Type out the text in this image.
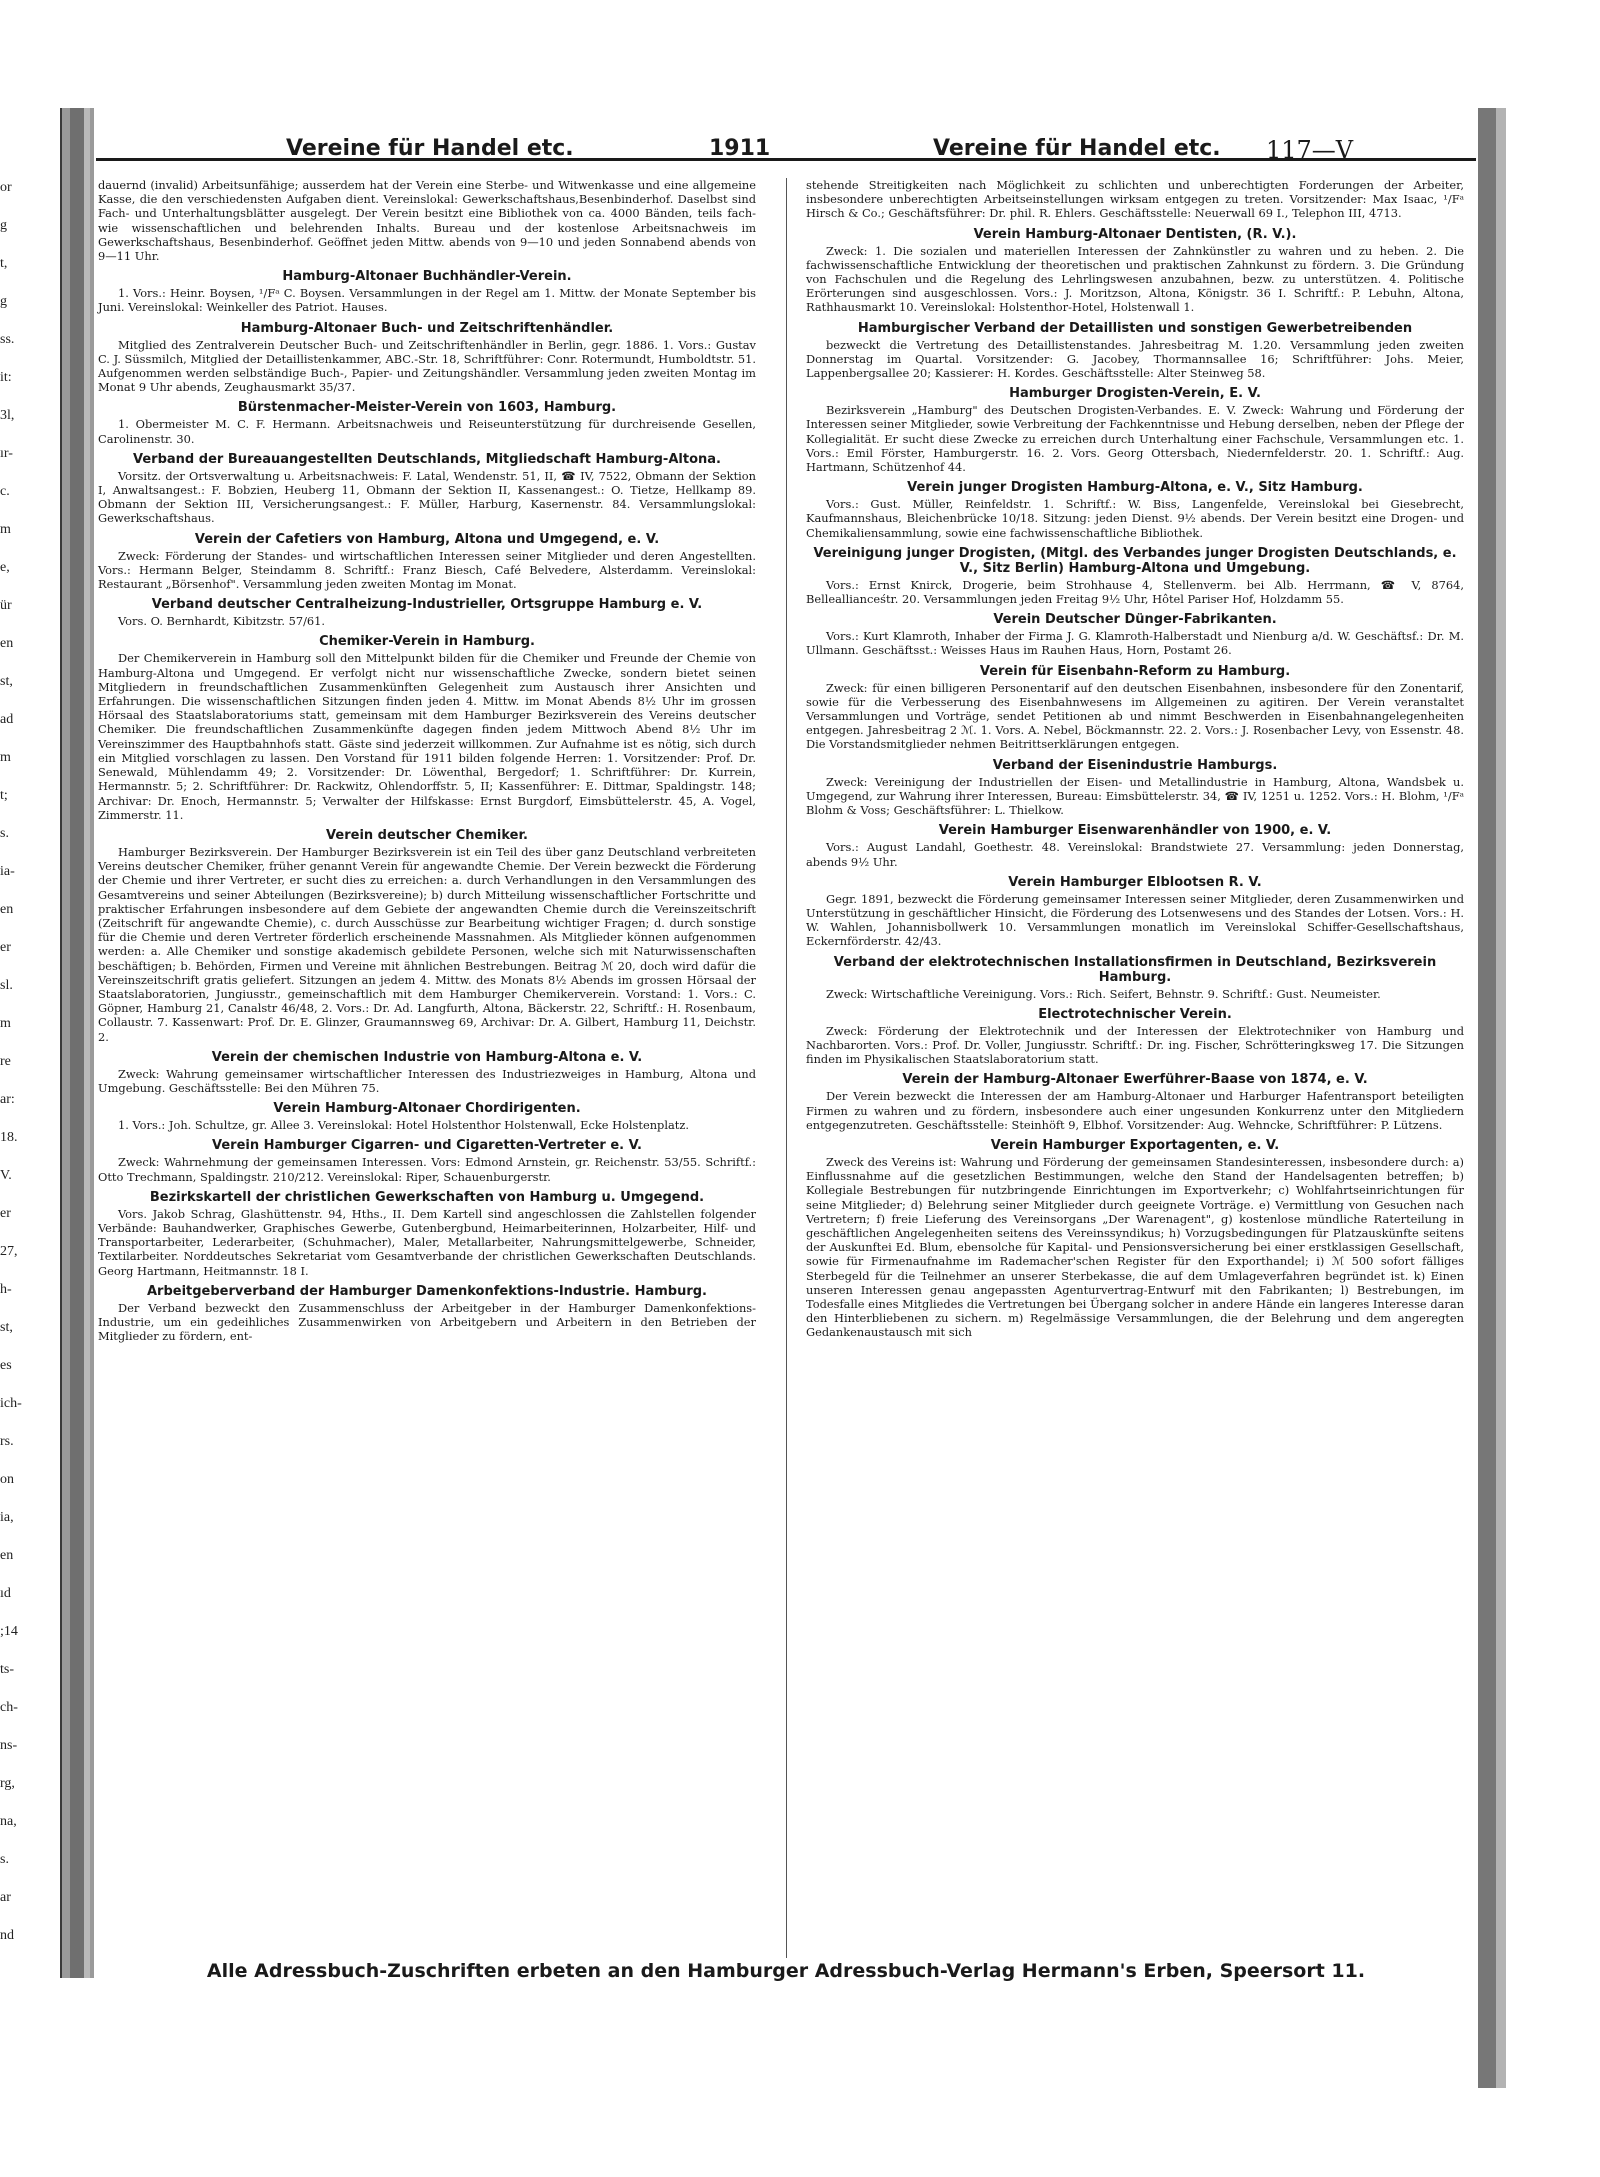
or
g
t,
g
ss.
it:
3l,
ır-
c.
m
e,
ür
en
st,
ad
m
t;
s.
ia-
en
er
sl.
m
re
ar:
18.
V.
er
27,
h-
st,
es
ich-
rs.
on
ia,
en
ıd
;14
ts-
ch-
ns-
rg,
na,
s.
ar
nd
Vereine für Handel etc.	1911	Vereine für Handel etc. 117—V

dauernd (invalid) Arbeitsunfähige; ausserdem hat der Verein eine Sterbe- und Witwenkasse und eine allgemeine Kasse, die den verschiedensten Aufgaben dient. Vereinslokal: Gewerkschaftshaus,Besenbinderhof. Daselbst sind Fach- und Unterhaltungsblätter ausgelegt. Der Verein besitzt eine Bibliothek von ca. 4000 Bänden, teils fach- wie wissenschaftlichen und belehrenden Inhalts. Bureau und der kostenlose Arbeitsnachweis im Gewerkschaftshaus, Besenbinderhof. Geöffnet jeden Mittw. abends von 9—10 und jeden Sonnabend abends von 9—11 Uhr.

Hamburg-Altonaer Buchhändler-Verein.

1. Vors.: Heinr. Boysen, ¹/Fᵃ C. Boysen. Versammlungen in der Regel am 1. Mittw. der Monate September bis Juni. Vereinslokal: Weinkeller des Patriot. Hauses.

Hamburg-Altonaer Buch- und Zeitschriftenhändler.

Mitglied des Zentralverein Deutscher Buch- und Zeitschriftenhändler in Berlin, gegr. 1886. 1. Vors.: Gustav C. J. Süssmilch, Mitglied der Detaillistenkammer, ABC.-Str. 18, Schriftführer: Conr. Rotermundt, Humboldtstr. 51. Aufgenommen werden selbständige Buch-, Papier- und Zeitungshändler. Versammlung jeden zweiten Montag im Monat 9 Uhr abends, Zeughausmarkt 35/37.

Bürstenmacher-Meister-Verein von 1603, Hamburg.

1. Obermeister M. C. F. Hermann. Arbeitsnachweis und Reiseunterstützung für durchreisende Gesellen, Carolinenstr. 30.

Verband der Bureauangestellten Deutschlands, Mitgliedschaft Hamburg-Altona.

Vorsitz. der Ortsverwaltung u. Arbeitsnachweis: F. Latal, Wendenstr. 51, II, ☎ IV, 7522, Obmann der Sektion I, Anwaltsangest.: F. Bobzien, Heuberg 11, Obmann der Sektion II, Kassenangest.: O. Tietze, Hellkamp 89. Obmann der Sektion III, Versicherungsangest.: F. Müller, Harburg, Kasernenstr. 84. Versammlungslokal: Gewerkschaftshaus.

Verein der Cafetiers von Hamburg, Altona und Umgegend, e. V.

Zweck: Förderung der Standes- und wirtschaftlichen Interessen seiner Mitglieder und deren Angestellten. Vors.: Hermann Belger, Steindamm 8. Schriftf.: Franz Biesch, Café Belvedere, Alsterdamm. Vereinslokal: Restaurant „Börsenhof". Versammlung jeden zweiten Montag im Monat.

Verband deutscher Centralheizung-Industrieller, Ortsgruppe Hamburg e. V.

Vors. O. Bernhardt, Kibitzstr. 57/61.

Chemiker-Verein in Hamburg.

Der Chemikerverein in Hamburg soll den Mittelpunkt bilden für die Chemiker und Freunde der Chemie von Hamburg-Altona und Umgegend. Er verfolgt nicht nur wissenschaftliche Zwecke, sondern bietet seinen Mitgliedern in freundschaftlichen Zusammenkünften Gelegenheit zum Austausch ihrer Ansichten und Erfahrungen. Die wissenschaftlichen Sitzungen finden jeden 4. Mittw. im Monat Abends 8½ Uhr im grossen Hörsaal des Staatslaboratoriums statt, gemeinsam mit dem Hamburger Bezirksverein des Vereins deutscher Chemiker. Die freundschaftlichen Zusammenkünfte dagegen finden jedem Mittwoch Abend 8½ Uhr im Vereinszimmer des Hauptbahnhofs statt. Gäste sind jederzeit willkommen. Zur Aufnahme ist es nötig, sich durch ein Mitglied vorschlagen zu lassen. Den Vorstand für 1911 bilden folgende Herren: 1. Vorsitzender: Prof. Dr. Senewald, Mühlendamm 49; 2. Vorsitzender: Dr. Löwenthal, Bergedorf; 1. Schriftführer: Dr. Kurrein, Hermannstr. 5; 2. Schriftführer: Dr. Rackwitz, Ohlendorffstr. 5, II; Kassenführer: E. Dittmar, Spaldingstr. 148; Archivar: Dr. Enoch, Hermannstr. 5; Verwalter der Hilfskasse: Ernst Burgdorf, Eimsbüttelerstr. 45, A. Vogel, Zimmerstr. 11.

Verein deutscher Chemiker.

Hamburger Bezirksverein. Der Hamburger Bezirksverein ist ein Teil des über ganz Deutschland verbreiteten Vereins deutscher Chemiker, früher genannt Verein für angewandte Chemie. Der Verein bezweckt die Förderung der Chemie und ihrer Vertreter, er sucht dies zu erreichen: a. durch Verhandlungen in den Versammlungen des Gesamtvereins und seiner Abteilungen (Bezirksvereine); b) durch Mitteilung wissenschaftlicher Fortschritte und praktischer Erfahrungen insbesondere auf dem Gebiete der angewandten Chemie durch die Vereinszeitschrift (Zeitschrift für angewandte Chemie), c. durch Ausschüsse zur Bearbeitung wichtiger Fragen; d. durch sonstige für die Chemie und deren Vertreter förderlich erscheinende Massnahmen. Als Mitglieder können aufgenommen werden: a. Alle Chemiker und sonstige akademisch gebildete Personen, welche sich mit Naturwissenschaften beschäftigen; b. Behörden, Firmen und Vereine mit ähnlichen Bestrebungen. Beitrag ℳ 20, doch wird dafür die Vereinszeitschrift gratis geliefert. Sitzungen an jedem 4. Mittw. des Monats 8½ Abends im grossen Hörsaal der Staatslaboratorien, Jungiusstr., gemeinschaftlich mit dem Hamburger Chemikerverein. Vorstand: 1. Vors.: C. Göpner, Hamburg 21, Canalstr 46/48, 2. Vors.: Dr. Ad. Langfurth, Altona, Bäckerstr. 22, Schriftf.: H. Rosenbaum, Collaustr. 7. Kassenwart: Prof. Dr. E. Glinzer, Graumannsweg 69, Archivar: Dr. A. Gilbert, Hamburg 11, Deichstr. 2.

Verein der chemischen Industrie von Hamburg-Altona e. V.

Zweck: Wahrung gemeinsamer wirtschaftlicher Interessen des Industriezweiges in Hamburg, Altona und Umgebung. Geschäftsstelle: Bei den Mühren 75.

Verein Hamburg-Altonaer Chordirigenten.

1. Vors.: Joh. Schultze, gr. Allee 3. Vereinslokal: Hotel Holstenthor Holstenwall, Ecke Holstenplatz.

Verein Hamburger Cigarren- und Cigaretten-Vertreter e. V.

Zweck: Wahrnehmung der gemeinsamen Interessen. Vors: Edmond Arnstein, gr. Reichenstr. 53/55. Schriftf.: Otto Trechmann, Spaldingstr. 210/212. Vereinslokal: Riper, Schauenburgerstr.

Bezirkskartell der christlichen Gewerkschaften von Hamburg u. Umgegend.

Vors. Jakob Schrag, Glashüttenstr. 94, Hths., II. Dem Kartell sind angeschlossen die Zahlstellen folgender Verbände: Bauhandwerker, Graphisches Gewerbe, Gutenbergbund, Heimarbeiterinnen, Holzarbeiter, Hilf- und Transportarbeiter, Lederarbeiter, (Schuhmacher), Maler, Metallarbeiter, Nahrungsmittelgewerbe, Schneider, Textilarbeiter. Norddeutsches Sekretariat vom Gesamtverbande der christlichen Gewerkschaften Deutschlands. Georg Hartmann, Heitmannstr. 18 I.

Arbeitgeberverband der Hamburger Damenkonfektions-Industrie. Hamburg.

Der Verband bezweckt den Zusammenschluss der Arbeitgeber in der Hamburger Damenkonfektions-Industrie, um ein gedeihliches Zusammenwirken von Arbeitgebern und Arbeitern in den Betrieben der Mitglieder zu fördern, ent-

stehende Streitigkeiten nach Möglichkeit zu schlichten und unberechtigten Forderungen der Arbeiter, insbesondere unberechtigten Arbeitseinstellungen wirksam entgegen zu treten. Vorsitzender: Max Isaac, ¹/Fᵃ Hirsch & Co.; Geschäftsführer: Dr. phil. R. Ehlers. Geschäftsstelle: Neuerwall 69 I., Telephon III, 4713.

Verein Hamburg-Altonaer Dentisten, (R. V.).

Zweck: 1. Die sozialen und materiellen Interessen der Zahnkünstler zu wahren und zu heben. 2. Die fachwissenschaftliche Entwicklung der theoretischen und praktischen Zahnkunst zu fördern. 3. Die Gründung von Fachschulen und die Regelung des Lehrlingswesen anzubahnen, bezw. zu unterstützen. 4. Politische Erörterungen sind ausgeschlossen. Vors.: J. Moritzson, Altona, Königstr. 36 I. Schriftf.: P. Lebuhn, Altona, Rathhausmarkt 10. Vereinslokal: Holstenthor-Hotel, Holstenwall 1.

Hamburgischer Verband der Detaillisten und sonstigen Gewerbetreibenden

bezweckt die Vertretung des Detaillistenstandes. Jahresbeitrag M. 1.20. Versammlung jeden zweiten Donnerstag im Quartal. Vorsitzender: G. Jacobey, Thormannsallee 16; Schriftführer: Johs. Meier, Lappenbergsallee 20; Kassierer: H. Kordes. Geschäftsstelle: Alter Steinweg 58.

Hamburger Drogisten-Verein, E. V.

Bezirksverein „Hamburg" des Deutschen Drogisten-Verbandes. E. V. Zweck: Wahrung und Förderung der Interessen seiner Mitglieder, sowie Verbreitung der Fachkenntnisse und Hebung derselben, neben der Pflege der Kollegialität. Er sucht diese Zwecke zu erreichen durch Unterhaltung einer Fachschule, Versammlungen etc. 1. Vors.: Emil Förster, Hamburgerstr. 16. 2. Vors. Georg Ottersbach, Niedernfelderstr. 20. 1. Schriftf.: Aug. Hartmann, Schützenhof 44.

Verein junger Drogisten Hamburg-Altona, e. V., Sitz Hamburg.

Vors.: Gust. Müller, Reinfeldstr. 1. Schriftf.: W. Biss, Langenfelde, Vereinslokal bei Giesebrecht, Kaufmannshaus, Bleichenbrücke 10/18. Sitzung: jeden Dienst. 9½ abends. Der Verein besitzt eine Drogen- und Chemikaliensammlung, sowie eine fachwissenschaftliche Bibliothek.

Vereinigung junger Drogisten, (Mitgl. des Verbandes junger Drogisten Deutschlands, e. V., Sitz Berlin) Hamburg-Altona und Umgebung.

Vors.: Ernst Knirck, Drogerie, beim Strohhause 4, Stellenverm. bei Alb. Herrmann, ☎ V, 8764, Belleallianceśtr. 20. Versammlungen jeden Freitag 9½ Uhr, Hôtel Pariser Hof, Holzdamm 55.

Verein Deutscher Dünger-Fabrikanten.

Vors.: Kurt Klamroth, Inhaber der Firma J. G. Klamroth-Halberstadt und Nienburg a/d. W. Geschäftsf.: Dr. M. Ullmann. Geschäftsst.: Weisses Haus im Rauhen Haus, Horn, Postamt 26.

Verein für Eisenbahn-Reform zu Hamburg.

Zweck: für einen billigeren Personentarif auf den deutschen Eisenbahnen, insbesondere für den Zonentarif, sowie für die Verbesserung des Eisenbahnwesens im Allgemeinen zu agitiren. Der Verein veranstaltet Versammlungen und Vorträge, sendet Petitionen ab und nimmt Beschwerden in Eisenbahnangelegenheiten entgegen. Jahresbeitrag 2 ℳ. 1. Vors. A. Nebel, Böckmannstr. 22. 2. Vors.: J. Rosenbacher Levy, von Essenstr. 48. Die Vorstandsmitglieder nehmen Beitrittserklärungen entgegen.

Verband der Eisenindustrie Hamburgs.

Zweck: Vereinigung der Industriellen der Eisen- und Metallindustrie in Hamburg, Altona, Wandsbek u. Umgegend, zur Wahrung ihrer Interessen, Bureau: Eimsbüttelerstr. 34, ☎ IV, 1251 u. 1252. Vors.: H. Blohm, ¹/Fᵃ Blohm & Voss; Geschäftsführer: L. Thielkow.

Verein Hamburger Eisenwarenhändler von 1900, e. V.

Vors.: August Landahl, Goethestr. 48. Vereinslokal: Brandstwiete 27. Versammlung: jeden Donnerstag, abends 9½ Uhr.

Verein Hamburger Elblootsen R. V.

Gegr. 1891, bezweckt die Förderung gemeinsamer Interessen seiner Mitglieder, deren Zusammenwirken und Unterstützung in geschäftlicher Hinsicht, die Förderung des Lotsenwesens und des Standes der Lotsen. Vors.: H. W. Wahlen, Johannisbollwerk 10. Versammlungen monatlich im Vereinslokal Schiffer-Gesellschaftshaus, Eckernförderstr. 42/43.

Verband der elektrotechnischen Installationsfirmen in Deutschland, Bezirksverein Hamburg.

Zweck: Wirtschaftliche Vereinigung. Vors.: Rich. Seifert, Behnstr. 9. Schriftf.: Gust. Neumeister.

Electrotechnischer Verein.

Zweck: Förderung der Elektrotechnik und der Interessen der Elektrotechniker von Hamburg und Nachbarorten. Vors.: Prof. Dr. Voller, Jungiusstr. Schriftf.: Dr. ing. Fischer, Schrötteringksweg 17. Die Sitzungen finden im Physikalischen Staatslaboratorium statt.

Verein der Hamburg-Altonaer Ewerführer-Baase von 1874, e. V.

Der Verein bezweckt die Interessen der am Hamburg-Altonaer und Harburger Hafentransport beteiligten Firmen zu wahren und zu fördern, insbesondere auch einer ungesunden Konkurrenz unter den Mitgliedern entgegenzutreten. Geschäftsstelle: Steinhöft 9, Elbhof. Vorsitzender: Aug. Wehncke, Schriftführer: P. Lützens.

Verein Hamburger Exportagenten, e. V.

Zweck des Vereins ist: Wahrung und Förderung der gemeinsamen Standesinteressen, insbesondere durch: a) Einflussnahme auf die gesetzlichen Bestimmungen, welche den Stand der Handelsagenten betreffen; b) Kollegiale Bestrebungen für nutzbringende Einrichtungen im Exportverkehr; c) Wohlfahrtseinrichtungen für seine Mitglieder; d) Belehrung seiner Mitglieder durch geeignete Vorträge. e) Vermittlung von Gesuchen nach Vertretern; f) freie Lieferung des Vereinsorgans „Der Warenagent", g) kostenlose mündliche Raterteilung in geschäftlichen Angelegenheiten seitens des Vereinssyndikus; h) Vorzugsbedingungen für Platzauskünfte seitens der Auskunftei Ed. Blum, ebensolche für Kapital- und Pensionsversicherung bei einer erstklassigen Gesellschaft, sowie für Firmenaufnahme im Rademacher'schen Register für den Exporthandel; i) ℳ 500 sofort fälliges Sterbegeld für die Teilnehmer an unserer Sterbekasse, die auf dem Umlageverfahren begründet ist. k) Einen unseren Interessen genau angepassten Agenturvertrag-Entwurf mit den Fabrikanten; l) Bestrebungen, im Todesfalle eines Mitgliedes die Vertretungen bei Übergang solcher in andere Hände ein langeres Interesse daran den Hinterbliebenen zu sichern. m) Regelmässige Versammlungen, die der Belehrung und dem angeregten Gedankenaustausch mit sich

Alle Adressbuch-Zuschriften erbeten an den Hamburger Adressbuch-Verlag Hermann's Erben, Speersort 11.
